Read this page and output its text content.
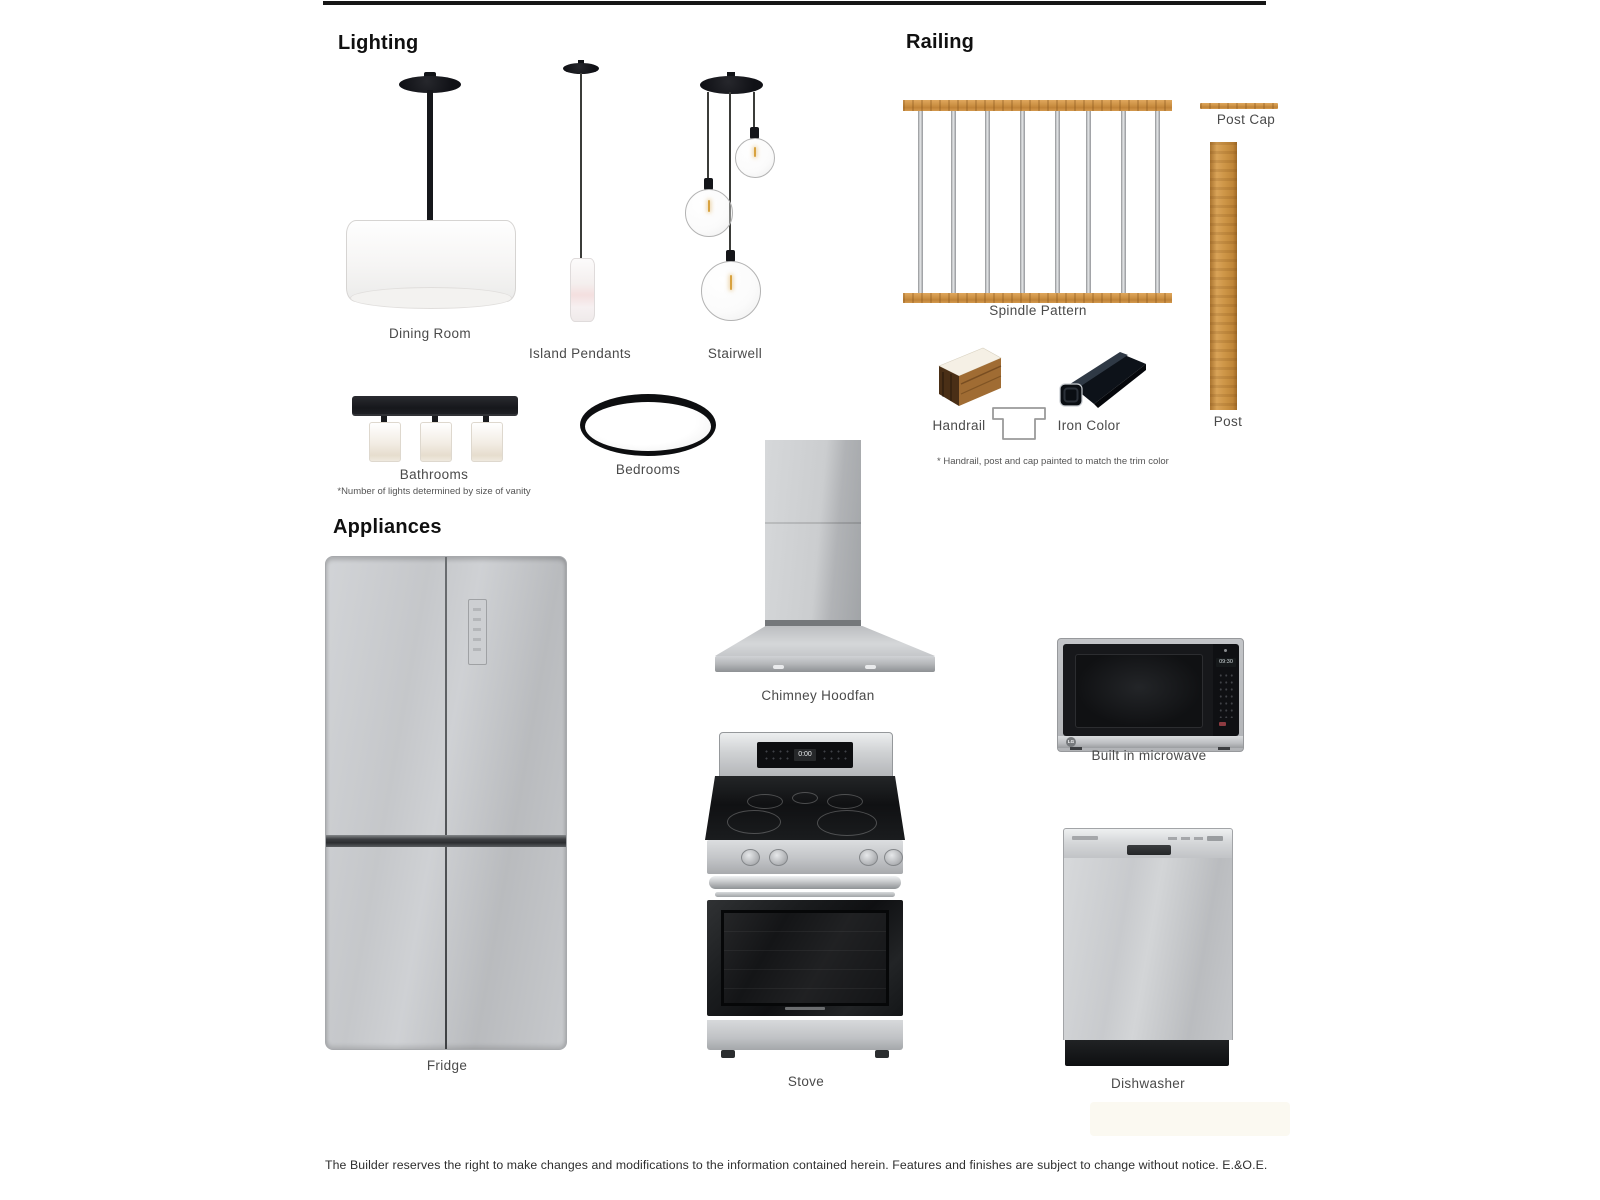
Lighting
Dining Room
Island Pendants	Stairwell
Bathrooms
*Number of lights determined by size of vanity
Bedrooms
Railing
Spindle Pattern
Post Cap
Post
Handrail	Iron Color
* Handrail, post and cap painted to match the trim color
Appliances
Fridge
Chimney Hoodfan
0:00
Stove
09:30
LG
Built in microwave
Dishwasher
The Builder reserves the right to make changes and modifications to the information contained herein. Features and finishes are subject to change without notice. E.&O.E.
